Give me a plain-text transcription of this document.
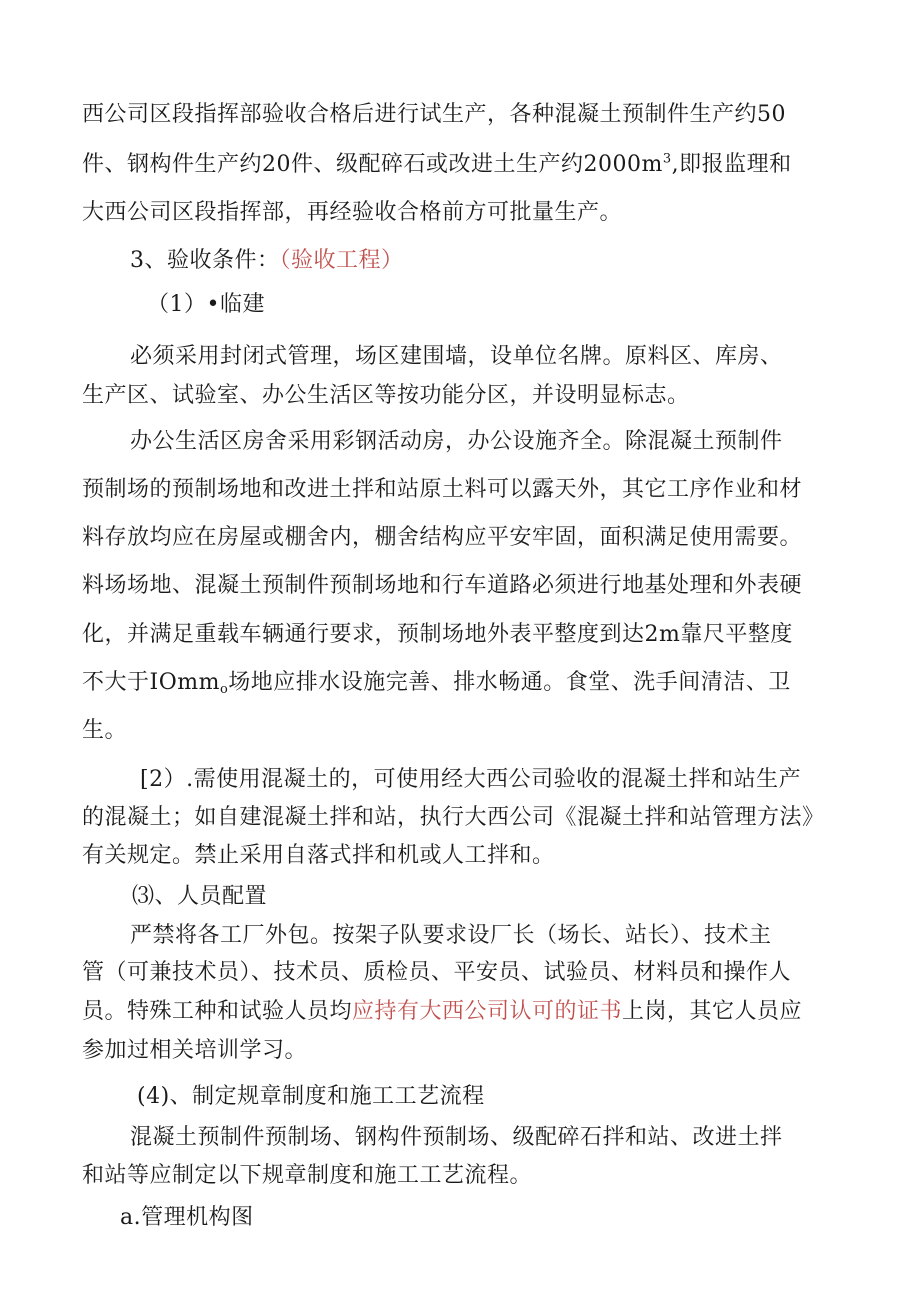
西公司区段指挥部验收合格后进行试生产，各种混凝土预制件生产约50
件、钢构件生产约20件、级配碎石或改进土生产约$2000m^3$,即报监理和
大西公司区段指挥部，再经验收合格前方可批量生产。
3、验收条件：（验收工程）
（1）•临建
必须采用封闭式管理，场区建围墙，设单位名牌。原料区、库房、
生产区、试验室、办公生活区等按功能分区，并设明显标志。
办公生活区房舍采用彩钢活动房，办公设施齐全。除混凝土预制件
预制场的预制场地和改进土拌和站原土料可以露天外，其它工序作业和材
料存放均应在房屋或棚舍内，棚舍结构应平安牢固，面积满足使用需要。
料场场地、混凝土预制件预制场地和行车道路必须进行地基处理和外表硬
化，并满足重载车辆通行要求，预制场地外表平整度到达2m靠尺平整度
不大于IOmm$_o$场地应排水设施完善、排水畅通。食堂、洗手间清洁、卫
生。
[2）.需使用混凝土的，可使用经大西公司验收的混凝土拌和站生产
的混凝土；如自建混凝土拌和站，执行大西公司《混凝土拌和站管理方法》
有关规定。禁止采用自落式拌和机或人工拌和。
⑶、人员配置
严禁将各工厂外包。按架子队要求设厂长（场长、站长）、技术主
管（可兼技术员）、技术员、质检员、平安员、试验员、材料员和操作人
员。特殊工种和试验人员均应持有大西公司认可的证书上岗，其它人员应
参加过相关培训学习。
(4)、制定规章制度和施工工艺流程
混凝土预制件预制场、钢构件预制场、级配碎石拌和站、改进土拌
和站等应制定以下规章制度和施工工艺流程。
a.管理机构图
